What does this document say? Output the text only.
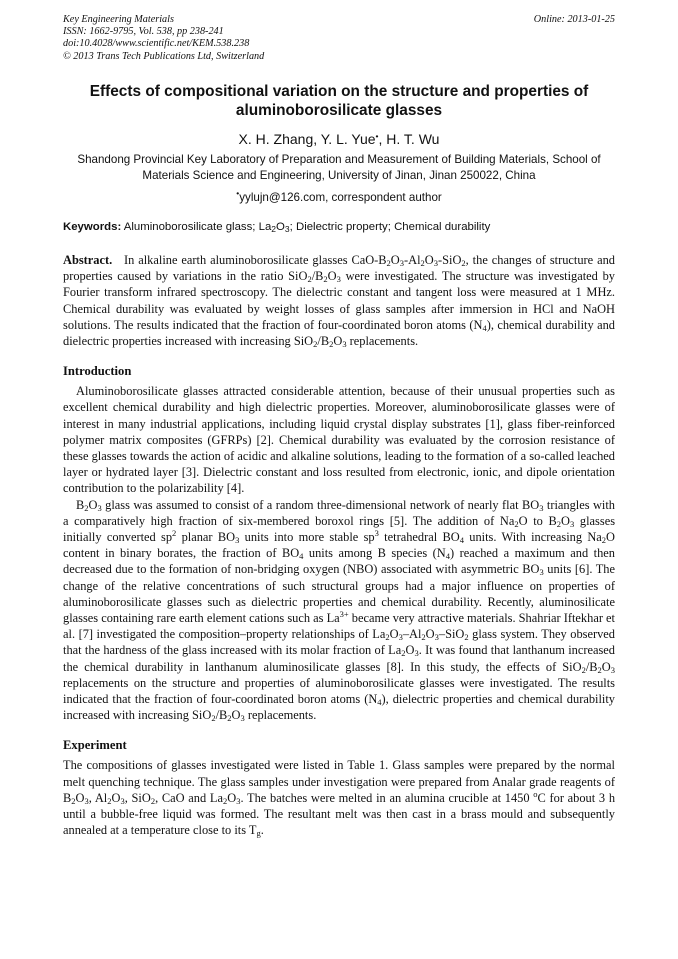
Key Engineering Materials
ISSN: 1662-9795, Vol. 538, pp 238-241
doi:10.4028/www.scientific.net/KEM.538.238
© 2013 Trans Tech Publications Ltd, Switzerland
Online: 2013-01-25
Effects of compositional variation on the structure and properties of aluminoborosilicate glasses
X. H. Zhang, Y. L. Yue•, H. T. Wu
Shandong Provincial Key Laboratory of Preparation and Measurement of Building Materials, School of Materials Science and Engineering, University of Jinan, Jinan 250022, China
•yylujn@126.com, correspondent author
Keywords: Aluminoborosilicate glass; $La_2O_3$; Dielectric property; Chemical durability

Abstract.   In alkaline earth aluminoborosilicate glasses CaO-$B_2O_3-Al_2O_3-SiO_2$, the changes of structure and properties caused by variations in the ratio $SiO_2/B_2O_3$ were investigated. The structure was investigated by Fourier transform infrared spectroscopy. The dielectric constant and tangent loss were measured at 1 MHz. Chemical durability was evaluated by weight losses of glass samples after immersion in HCl and NaOH solutions. The results indicated that the fraction of four-coordinated boron atoms $(N_4)$, chemical durability and dielectric properties increased with increasing $SiO_2/B_2O_3$ replacements.

Introduction

Aluminoborosilicate glasses attracted considerable attention, because of their unusual properties such as excellent chemical durability and high dielectric properties. Moreover, aluminoborosilicate glasses were of interest in many industrial applications, including liquid crystal display substrates [1], glass fiber-reinforced polymer matrix composites (GFRPs) [2]. Chemical durability was evaluated by the corrosion resistance of these glasses towards the action of acidic and alkaline solutions, leading to the formation of a so-called leached layer or hydrated layer [3]. Dielectric constant and loss resulted from electronic, ionic, and dipole orientation contribution to the polarizability [4].

$B_2O_3$ glass was assumed to consist of a random three-dimensional network of nearly flat $BO_3$ triangles with a comparatively high fraction of six-membered boroxol rings [5]. The addition of $Na_2O$ to $B_2O_3$ glasses initially converted $sp^2$ planar $BO_3$ units into more stable $sp^3$ tetrahedral $BO_4$ units. With increasing $Na_2O$ content in binary borates, the fraction of $BO_4$ units among B species $(N_4)$ reached a maximum and then decreased due to the formation of non-bridging oxygen (NBO) associated with asymmetric $BO_3$ units [6]. The change of the relative concentrations of such structural groups had a major influence on properties of aluminoborosilicate glasses such as dielectric properties and chemical durability. Recently, aluminosilicate glasses containing rare earth element cations such as $La^{3+}$ became very attractive materials. Shahriar Iftekhar et al. [7] investigated the composition–property relationships of $La_2O_3-Al_2O_3-SiO_2$ glass system. They observed that the hardness of the glass increased with its molar fraction of $La_2O_3$. It was found that lanthanum increased the chemical durability in lanthanum aluminosilicate glasses [8]. In this study, the effects of $SiO_2/B_2O_3$ replacements on the structure and properties of aluminoborosilicate glasses were investigated. The results indicated that the fraction of four-coordinated boron atoms $(N_4)$, dielectric properties and chemical durability increased with increasing $SiO_2/B_2O_3$ replacements.

Experiment

The compositions of glasses investigated were listed in Table 1. Glass samples were prepared by the normal melt quenching technique. The glass samples under investigation were prepared from Analar grade reagents of $B_2O_3$, $Al_2O_3$, SiO$_2$, CaO and $La_2O_3$. The batches were melted in an alumina crucible at 1450 $^o$C for about 3 h until a bubble-free liquid was formed. The resultant melt was then cast in a brass mould and subsequently annealed at a temperature close to its $T_g$.
